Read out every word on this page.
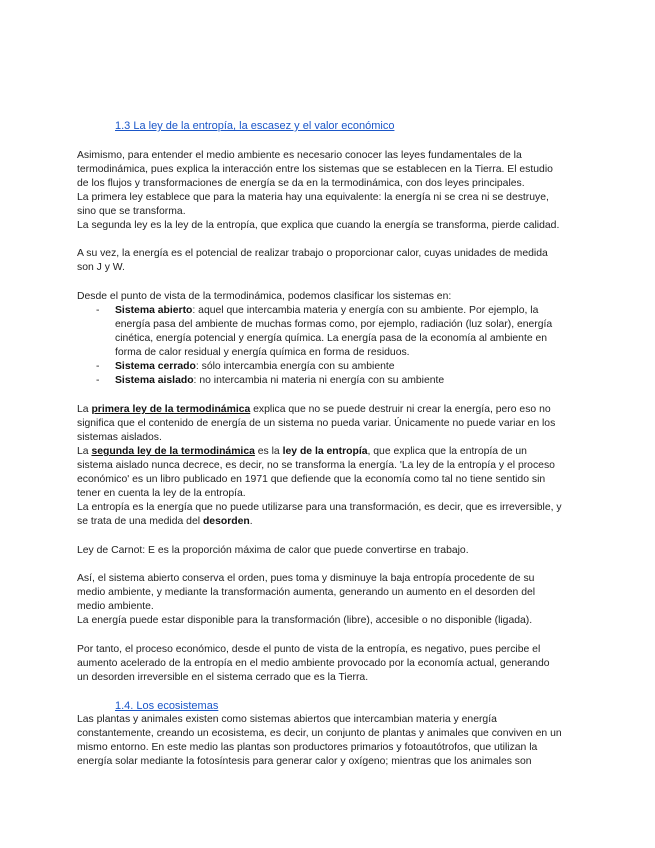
1.3 La ley de la entropía, la escasez y el valor económico
Asimismo, para entender el medio ambiente es necesario conocer las leyes fundamentales de la
termodinámica, pues explica la interacción entre los sistemas que se establecen en la Tierra. El estudio
de los flujos y transformaciones de energía se da en la termodinámica, con dos leyes principales.
La primera ley establece que para la materia hay una equivalente: la energía ni se crea ni se destruye,
sino que se transforma.
La segunda ley es la ley de la entropía, que explica que cuando la energía se transforma, pierde calidad.
A su vez, la energía es el potencial de realizar trabajo o proporcionar calor, cuyas unidades de medida
son J y W.
Desde el punto de vista de la termodinámica, podemos clasificar los sistemas en:
- Sistema abierto: aquel que intercambia materia y energía con su ambiente. Por ejemplo, la
energía pasa del ambiente de muchas formas como, por ejemplo, radiación (luz solar), energía
cinética, energía potencial y energía química. La energía pasa de la economía al ambiente en
forma de calor residual y energía química en forma de residuos.
- Sistema cerrado: sólo intercambia energía con su ambiente
- Sistema aislado: no intercambia ni materia ni energía con su ambiente
La primera ley de la termodinámica explica que no se puede destruir ni crear la energía, pero eso no
significa que el contenido de energía de un sistema no pueda variar. Únicamente no puede variar en los
sistemas aislados.
La segunda ley de la termodinámica es la ley de la entropía, que explica que la entropía de un
sistema aislado nunca decrece, es decir, no se transforma la energía. 'La ley de la entropía y el proceso
económico' es un libro publicado en 1971 que defiende que la economía como tal no tiene sentido sin
tener en cuenta la ley de la entropía.
La entropía es la energía que no puede utilizarse para una transformación, es decir, que es irreversible, y
se trata de una medida del desorden.
Ley de Carnot: E es la proporción máxima de calor que puede convertirse en trabajo.
Así, el sistema abierto conserva el orden, pues toma y disminuye la baja entropía procedente de su
medio ambiente, y mediante la transformación aumenta, generando un aumento en el desorden del
medio ambiente.
La energía puede estar disponible para la transformación (libre), accesible o no disponible (ligada).
Por tanto, el proceso económico, desde el punto de vista de la entropía, es negativo, pues percibe el
aumento acelerado de la entropía en el medio ambiente provocado por la economía actual, generando
un desorden irreversible en el sistema cerrado que es la Tierra.
1.4. Los ecosistemas
Las plantas y animales existen como sistemas abiertos que intercambian materia y energía
constantemente, creando un ecosistema, es decir, un conjunto de plantas y animales que conviven en un
mismo entorno. En este medio las plantas son productores primarios y fotoautótrofos, que utilizan la
energía solar mediante la fotosíntesis para generar calor y oxígeno; mientras que los animales son
